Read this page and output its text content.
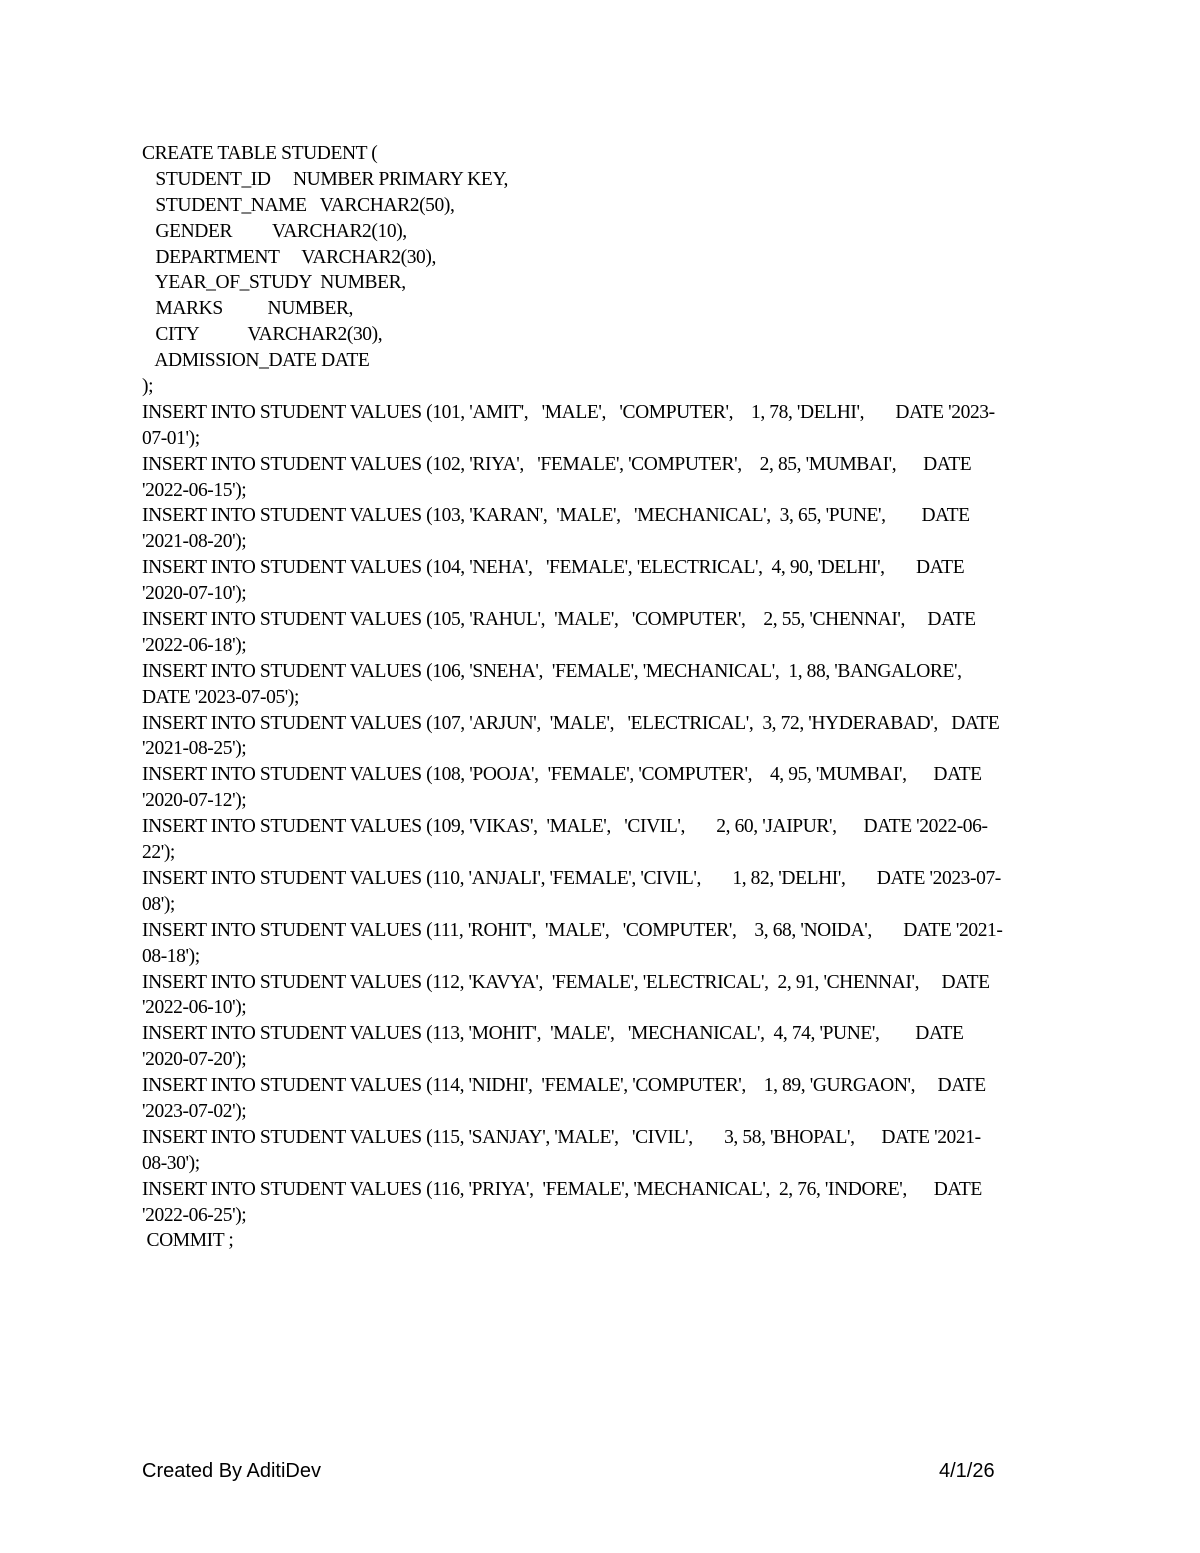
CREATE TABLE STUDENT (
STUDENT_ID     NUMBER PRIMARY KEY,
STUDENT_NAME   VARCHAR2(50),
GENDER         VARCHAR2(10),
DEPARTMENT     VARCHAR2(30),
YEAR_OF_STUDY  NUMBER,
MARKS          NUMBER,
CITY           VARCHAR2(30),
ADMISSION_DATE DATE
);
INSERT INTO STUDENT VALUES (101, 'AMIT',   'MALE',   'COMPUTER',    1, 78, 'DELHI',       DATE '2023-
07-01');
INSERT INTO STUDENT VALUES (102, 'RIYA',   'FEMALE', 'COMPUTER',    2, 85, 'MUMBAI',      DATE
'2022-06-15');
INSERT INTO STUDENT VALUES (103, 'KARAN',  'MALE',   'MECHANICAL',  3, 65, 'PUNE',        DATE
'2021-08-20');
INSERT INTO STUDENT VALUES (104, 'NEHA',   'FEMALE', 'ELECTRICAL',  4, 90, 'DELHI',       DATE
'2020-07-10');
INSERT INTO STUDENT VALUES (105, 'RAHUL',  'MALE',   'COMPUTER',    2, 55, 'CHENNAI',     DATE
'2022-06-18');
INSERT INTO STUDENT VALUES (106, 'SNEHA',  'FEMALE', 'MECHANICAL',  1, 88, 'BANGALORE',
DATE '2023-07-05');
INSERT INTO STUDENT VALUES (107, 'ARJUN',  'MALE',   'ELECTRICAL',  3, 72, 'HYDERABAD',   DATE
'2021-08-25');
INSERT INTO STUDENT VALUES (108, 'POOJA',  'FEMALE', 'COMPUTER',    4, 95, 'MUMBAI',      DATE
'2020-07-12');
INSERT INTO STUDENT VALUES (109, 'VIKAS',  'MALE',   'CIVIL',       2, 60, 'JAIPUR',      DATE '2022-06-
22');
INSERT INTO STUDENT VALUES (110, 'ANJALI', 'FEMALE', 'CIVIL',       1, 82, 'DELHI',       DATE '2023-07-
08');
INSERT INTO STUDENT VALUES (111, 'ROHIT',  'MALE',   'COMPUTER',    3, 68, 'NOIDA',       DATE '2021-
08-18');
INSERT INTO STUDENT VALUES (112, 'KAVYA',  'FEMALE', 'ELECTRICAL',  2, 91, 'CHENNAI',     DATE
'2022-06-10');
INSERT INTO STUDENT VALUES (113, 'MOHIT',  'MALE',   'MECHANICAL',  4, 74, 'PUNE',        DATE
'2020-07-20');
INSERT INTO STUDENT VALUES (114, 'NIDHI',  'FEMALE', 'COMPUTER',    1, 89, 'GURGAON',     DATE
'2023-07-02');
INSERT INTO STUDENT VALUES (115, 'SANJAY', 'MALE',   'CIVIL',       3, 58, 'BHOPAL',      DATE '2021-
08-30');
INSERT INTO STUDENT VALUES (116, 'PRIYA',  'FEMALE', 'MECHANICAL',  2, 76, 'INDORE',      DATE
'2022-06-25');
COMMIT ;
Created By AditiDev	4/1/26
